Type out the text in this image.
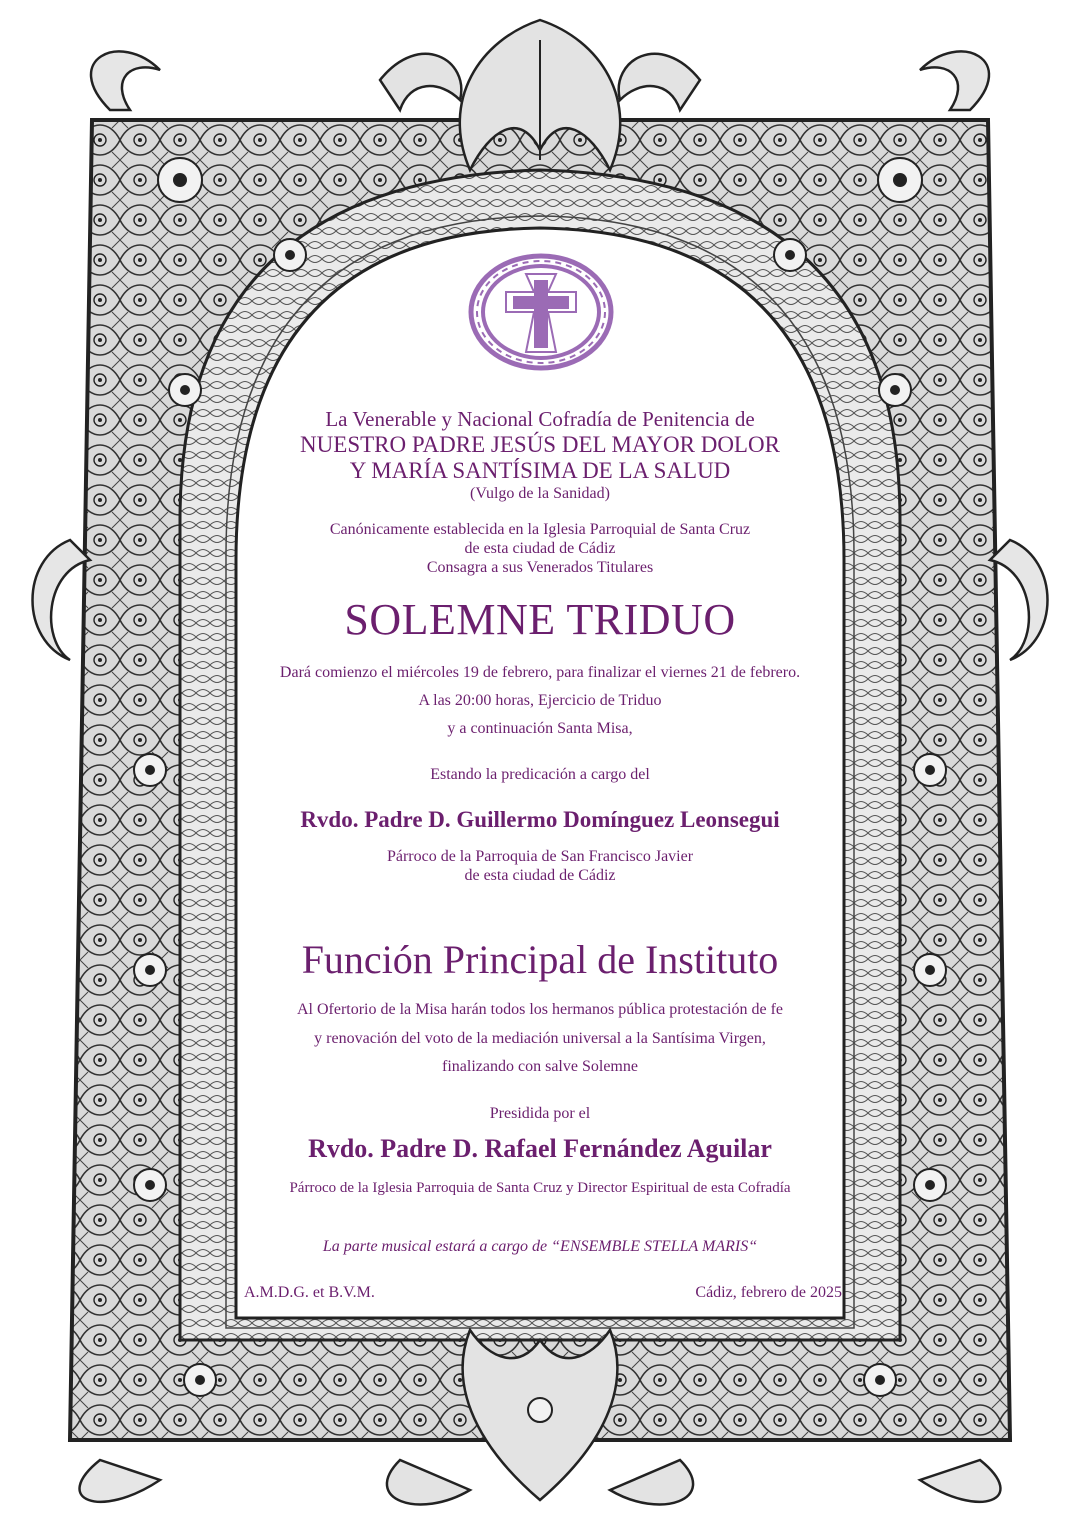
La Venerable y Nacional Cofradía de Penitencia de
NUESTRO PADRE JESÚS DEL MAYOR DOLOR
Y MARÍA SANTÍSIMA DE LA SALUD
(Vulgo de la Sanidad)
Canónicamente establecida en la Iglesia Parroquial de Santa Cruz
de esta ciudad de Cádiz
Consagra a sus Venerados Titulares
SOLEMNE TRIDUO
Dará comienzo el miércoles 19 de febrero, para finalizar el viernes 21 de febrero.
A las 20:00 horas, Ejercicio de Triduo
y a continuación Santa Misa,
Estando la predicación a cargo del
Rvdo. Padre D. Guillermo Domínguez Leonsegui
Párroco de la Parroquia de San Francisco Javier
de esta ciudad de Cádiz
Función Principal de Instituto
Al Ofertorio de la Misa harán todos los hermanos pública protestación de fe
y renovación del voto de la mediación universal a la Santísima Virgen,
finalizando con salve Solemne
Presidida por el
Rvdo. Padre D. Rafael Fernández Aguilar
Párroco de la Iglesia Parroquia de Santa Cruz y Director Espiritual de esta Cofradía
La parte musical estará a cargo de “ENSEMBLE STELLA MARIS“
A.M.D.G. et B.V.M.	Cádiz, febrero de 2025
